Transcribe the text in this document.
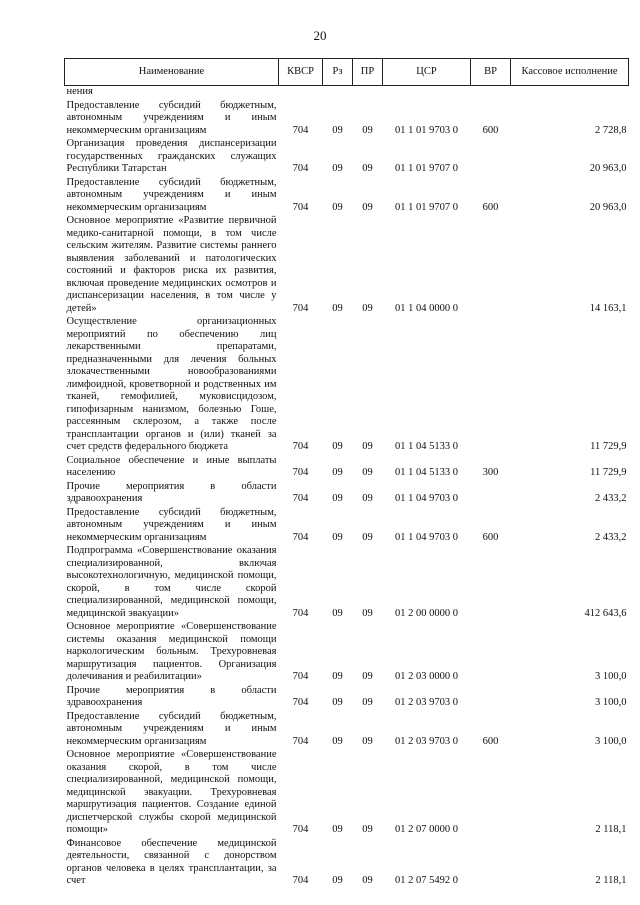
20
Наименование	КВСР	Рз	ПР	ЦСР	ВР	Кассовое исполнение
нения						
Предоставление субсидий бюджетным, автономным учреждениям и иным некоммерческим организациям	704	09	09	01 1 01 9703 0	600	2 728,8
Организация проведения диспансеризации государственных гражданских служащих Республики Татарстан	704	09	09	01 1 01 9707 0		20 963,0
Предоставление субсидий бюджетным, автономным учреждениям и иным некоммерческим организациям	704	09	09	01 1 01 9707 0	600	20 963,0
Основное мероприятие «Развитие первичной медико-санитарной помощи, в том числе сельским жителям. Развитие системы раннего выявления заболеваний и патологических состояний и факторов риска их развития, включая проведение медицинских осмотров и диспансеризации населения, в том числе у детей»	704	09	09	01 1 04 0000 0		14 163,1
Осуществление организационных мероприятий по обеспечению лиц лекарственными препаратами, предназначенными для лечения больных злокачественными новообразованиями лимфоидной, кроветворной и родственных им тканей, гемофилией, муковисцидозом, гипофизарным нанизмом, болезнью Гоше, рассеянным склерозом, а также после трансплантации органов и (или) тканей за счет средств федерального бюджета	704	09	09	01 1 04 5133 0		11 729,9
Социальное обеспечение и иные выплаты населению	704	09	09	01 1 04 5133 0	300	11 729,9
Прочие мероприятия в области здравоохранения	704	09	09	01 1 04 9703 0		2 433,2
Предоставление субсидий бюджетным, автономным учреждениям и иным некоммерческим организациям	704	09	09	01 1 04 9703 0	600	2 433,2
Подпрограмма «Совершенствование оказания специализированной, включая высокотехнологичную, медицинской помощи, скорой, в том числе скорой специализированной, медицинской помощи, медицинской эвакуации»	704	09	09	01 2 00 0000 0		412 643,6
Основное мероприятие «Совершенствование системы оказания медицинской помощи наркологическим больным. Трехуровневая маршрутизация пациентов. Организация долечивания и реабилитации»	704	09	09	01 2 03 0000 0		3 100,0
Прочие мероприятия в области здравоохранения	704	09	09	01 2 03 9703 0		3 100,0
Предоставление субсидий бюджетным, автономным учреждениям и иным некоммерческим организациям	704	09	09	01 2 03 9703 0	600	3 100,0
Основное мероприятие «Совершенствование оказания скорой, в том числе специализированной, медицинской помощи, медицинской эвакуации. Трехуровневая маршрутизация пациентов. Создание единой диспетчерской службы скорой медицинской помощи»	704	09	09	01 2 07 0000 0		2 118,1
Финансовое обеспечение медицинской деятельности, связанной с донорством органов человека в целях трансплантации, за счет	704	09	09	01 2 07 5492 0		2 118,1
